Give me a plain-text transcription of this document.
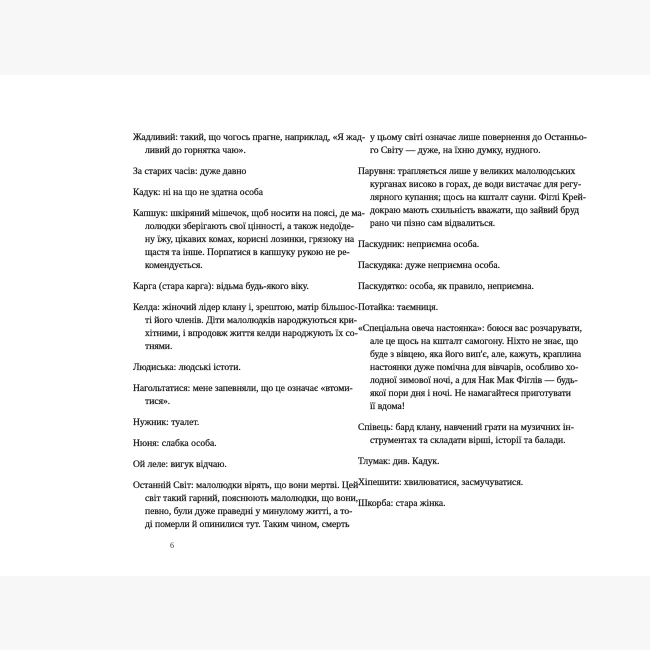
Жадливий: такий, що чогось прагне, наприклад, «Я жад-
ливий до горнятка чаю».
За старих часів: дуже давно
Кадук: ні на що не здатна особа
Капшук: шкіряний мішечок, щоб носити на поясі, де ма-
лолюдки зберігають свої цінності, а також недоїде-
ну їжу, цікавих комах, корисні лозинки, грязюку на
щастя та інше. Порпатися в капшуку рукою не ре-
комендується.
Карга (стара карга): відьма будь-якого віку.
Келда: жіночий лідер клану і, зрештою, матір більшос-
ті його членів. Діти малолюдків народжуються кри-
хітними, і впродовж життя келди народжують їх со-
тнями.
Людиська: людські істоти.
Нагольтатися: мене запевняли, що це означає «втоми-
тися».
Нужник: туалет.
Нюня: слабка особа.
Ой леле: вигук відчаю.
Останній Світ: малолюдки вірять, що вони мертві. Цей
світ такий гарний, пояснюють малолюдки, що вони,
певно, були дуже праведні у минулому житті, а то-
ді померли й опинилися тут. Таким чином, смерть
у цьому світі означає лише повернення до Останньо-
го Світу — дуже, на їхню думку, нудного.
Парувня: трапляється лише у великих малолюдських
курганах високо в горах, де води вистачає для регу-
лярного купання; щось на кшталт сауни. Фіглі Крей-
докраю мають схильність вважати, що зайвий бруд
рано чи пізно сам відвалиться.
Паскудник: неприємна особа.
Паскудяка: дуже неприємна особа.
Паскудятко: особа, як правило, неприємна.
Потайка: таємниця.
«Спеціальна овеча настоянка»: боюся вас розчарувати,
але це щось на кшталт самогону. Ніхто не знає, що
буде з вівцею, яка його вип'є, але, кажуть, краплина
настоянки дуже помічна для вівчарів, особливо хо-
лодної зимової ночі, а для Нак Мак Фіглів — будь-
якої пори дня і ночі. Не намагайтеся приготувати
її вдома!
Співець: бард клану, навчений грати на музичних ін-
струментах та складати вірші, історії та балади.
Тлумак: див. Кадук.
Хіпешити: хвилюватися, засмучуватися.
Шкорба: стара жінка.
6
